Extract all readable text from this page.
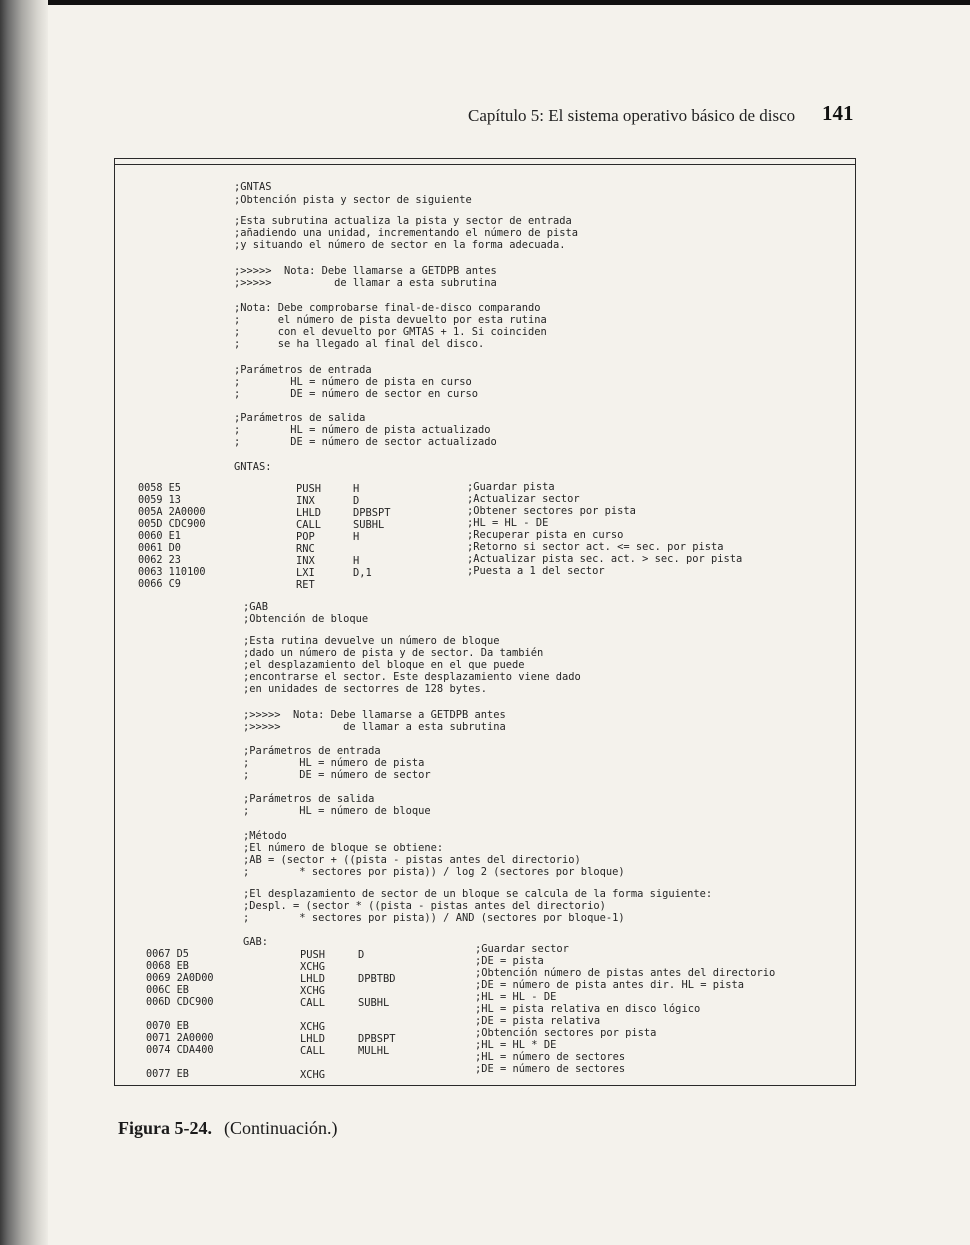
Capítulo 5: El sistema operativo básico de disco 141
;GNTAS
;Obtención pista y sector de siguiente
;Esta subrutina actualiza la pista y sector de entrada
;añadiendo una unidad, incrementando el número de pista
;y situando el número de sector en la forma adecuada.
;>>>>>  Nota: Debe llamarse a GETDPB antes
;>>>>>          de llamar a esta subrutina
;Nota: Debe comprobarse final-de-disco comparando
;      el número de pista devuelto por esta rutina
;      con el devuelto por GMTAS + 1. Si coinciden
;      se ha llegado al final del disco.
;Parámetros de entrada
;        HL = número de pista en curso
;        DE = número de sector en curso
;Parámetros de salida
;        HL = número de pista actualizado
;        DE = número de sector actualizado
GNTAS:
0058 E5
0059 13
005A 2A0000
005D CDC900
0060 E1
0061 D0
0062 23
0063 110100
0066 C9
PUSH
INX
LHLD
CALL
POP
RNC
INX
LXI
RET
H
D
DPBSPT
SUBHL
H
H
D,1
;Guardar pista
;Actualizar sector
;Obtener sectores por pista
;HL = HL - DE
;Recuperar pista en curso
;Retorno si sector act. <= sec. por pista
;Actualizar pista sec. act. > sec. por pista
;Puesta a 1 del sector
;GAB
;Obtención de bloque
;Esta rutina devuelve un número de bloque
;dado un número de pista y de sector. Da también
;el desplazamiento del bloque en el que puede
;encontrarse el sector. Este desplazamiento viene dado
;en unidades de sectorres de 128 bytes.
;>>>>>  Nota: Debe llamarse a GETDPB antes
;>>>>>          de llamar a esta subrutina
;Parámetros de entrada
;        HL = número de pista
;        DE = número de sector
;Parámetros de salida
;        HL = número de bloque
;Método
;El número de bloque se obtiene:
;AB = (sector + ((pista - pistas antes del directorio)
;        * sectores por pista)) / log 2 (sectores por bloque)
;El desplazamiento de sector de un bloque se calcula de la forma siguiente:
;Despl. = (sector * ((pista - pistas antes del directorio)
;        * sectores por pista)) / AND (sectores por bloque-1)
GAB:
0067 D5
0068 EB
0069 2A0D00
006C EB
006D CDC900
0070 EB
0071 2A0000
0074 CDA400
0077 EB
PUSH
XCHG
LHLD
XCHG
CALL
XCHG
LHLD
CALL
XCHG
D
DPBTBD
SUBHL
DPBSPT
MULHL
;Guardar sector
;DE = pista
;Obtención número de pistas antes del directorio
;DE = número de pista antes dir. HL = pista
;HL = HL - DE
;HL = pista relativa en disco lógico
;DE = pista relativa
;Obtención sectores por pista
;HL = HL * DE
;HL = número de sectores
;DE = número de sectores
Figura 5-24. (Continuación.)
